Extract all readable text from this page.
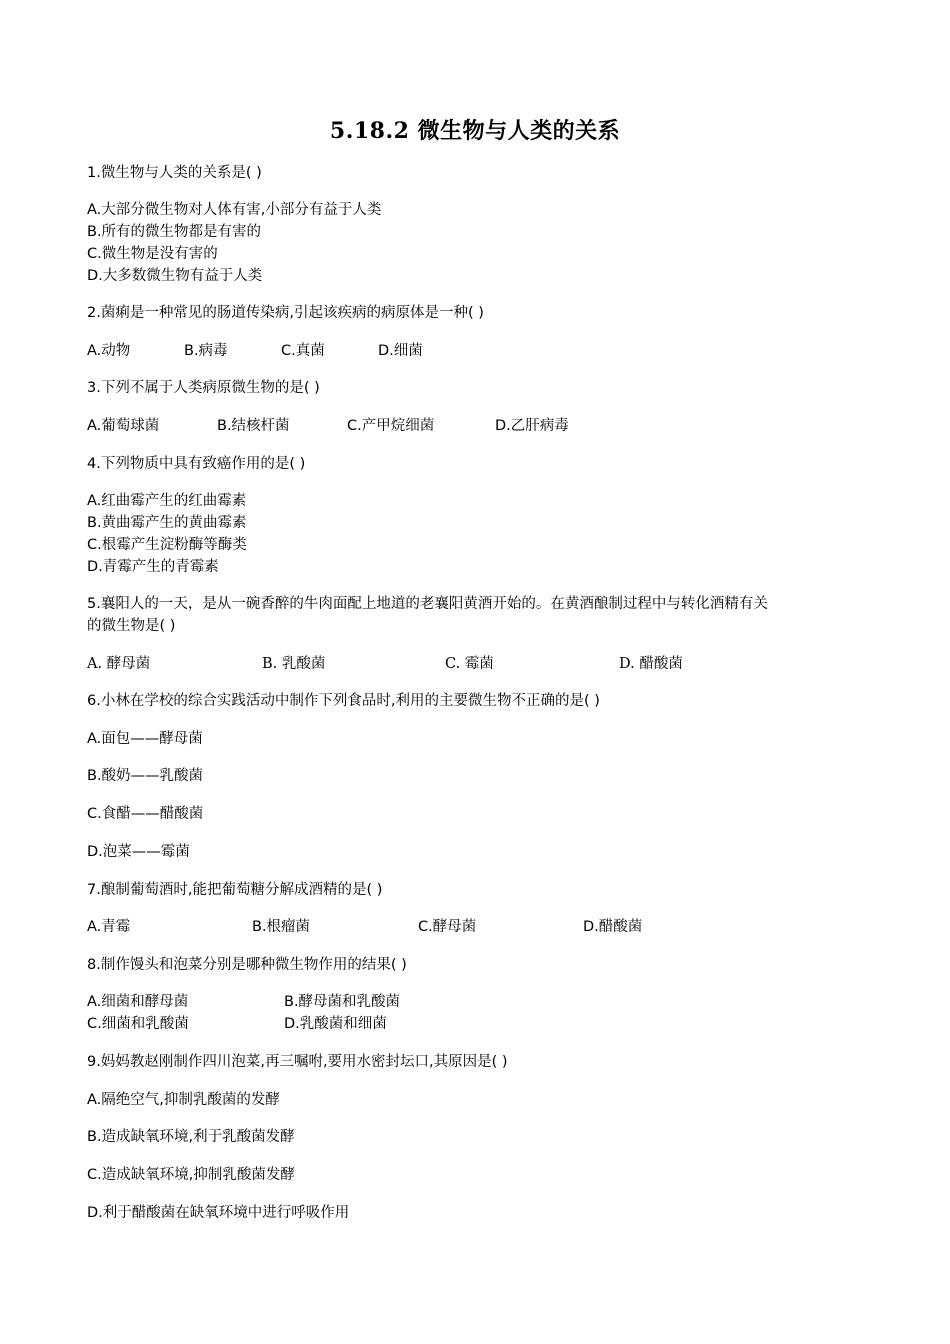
5.18.2 微生物与人类的关系
1.微生物与人类的关系是( )
A.大部分微生物对人体有害,小部分有益于人类
B.所有的微生物都是有害的
C.微生物是没有害的
D.大多数微生物有益于人类
2.菌痢是一种常见的肠道传染病,引起该疾病的病原体是一种( )
A.动物	B.病毒	C.真菌	D.细菌
3.下列不属于人类病原微生物的是( )
A.葡萄球菌	B.结核杆菌	C.产甲烷细菌	D.乙肝病毒
4.下列物质中具有致癌作用的是( )
A.红曲霉产生的红曲霉素
B.黄曲霉产生的黄曲霉素
C.根霉产生淀粉酶等酶类
D.青霉产生的青霉素
5.襄阳人的一天，是从一碗香醉的牛肉面配上地道的老襄阳黄酒开始的。在黄酒酿制过程中与转化酒精有关
的微生物是( )
A. 酵母菌	B. 乳酸菌	C. 霉菌	D. 醋酸菌
6.小林在学校的综合实践活动中制作下列食品时,利用的主要微生物不正确的是( )
A.面包——酵母菌
B.酸奶——乳酸菌
C.食醋——醋酸菌
D.泡菜——霉菌
7.酿制葡萄酒时,能把葡萄糖分解成酒精的是( )
A.青霉	B.根瘤菌	C.酵母菌	D.醋酸菌
8.制作馒头和泡菜分别是哪种微生物作用的结果( )
A.细菌和酵母菌	B.酵母菌和乳酸菌
C.细菌和乳酸菌	D.乳酸菌和细菌
9.妈妈教赵刚制作四川泡菜,再三嘱咐,要用水密封坛口,其原因是( )
A.隔绝空气,抑制乳酸菌的发酵
B.造成缺氧环境,利于乳酸菌发酵
C.造成缺氧环境,抑制乳酸菌发酵
D.利于醋酸菌在缺氧环境中进行呼吸作用
